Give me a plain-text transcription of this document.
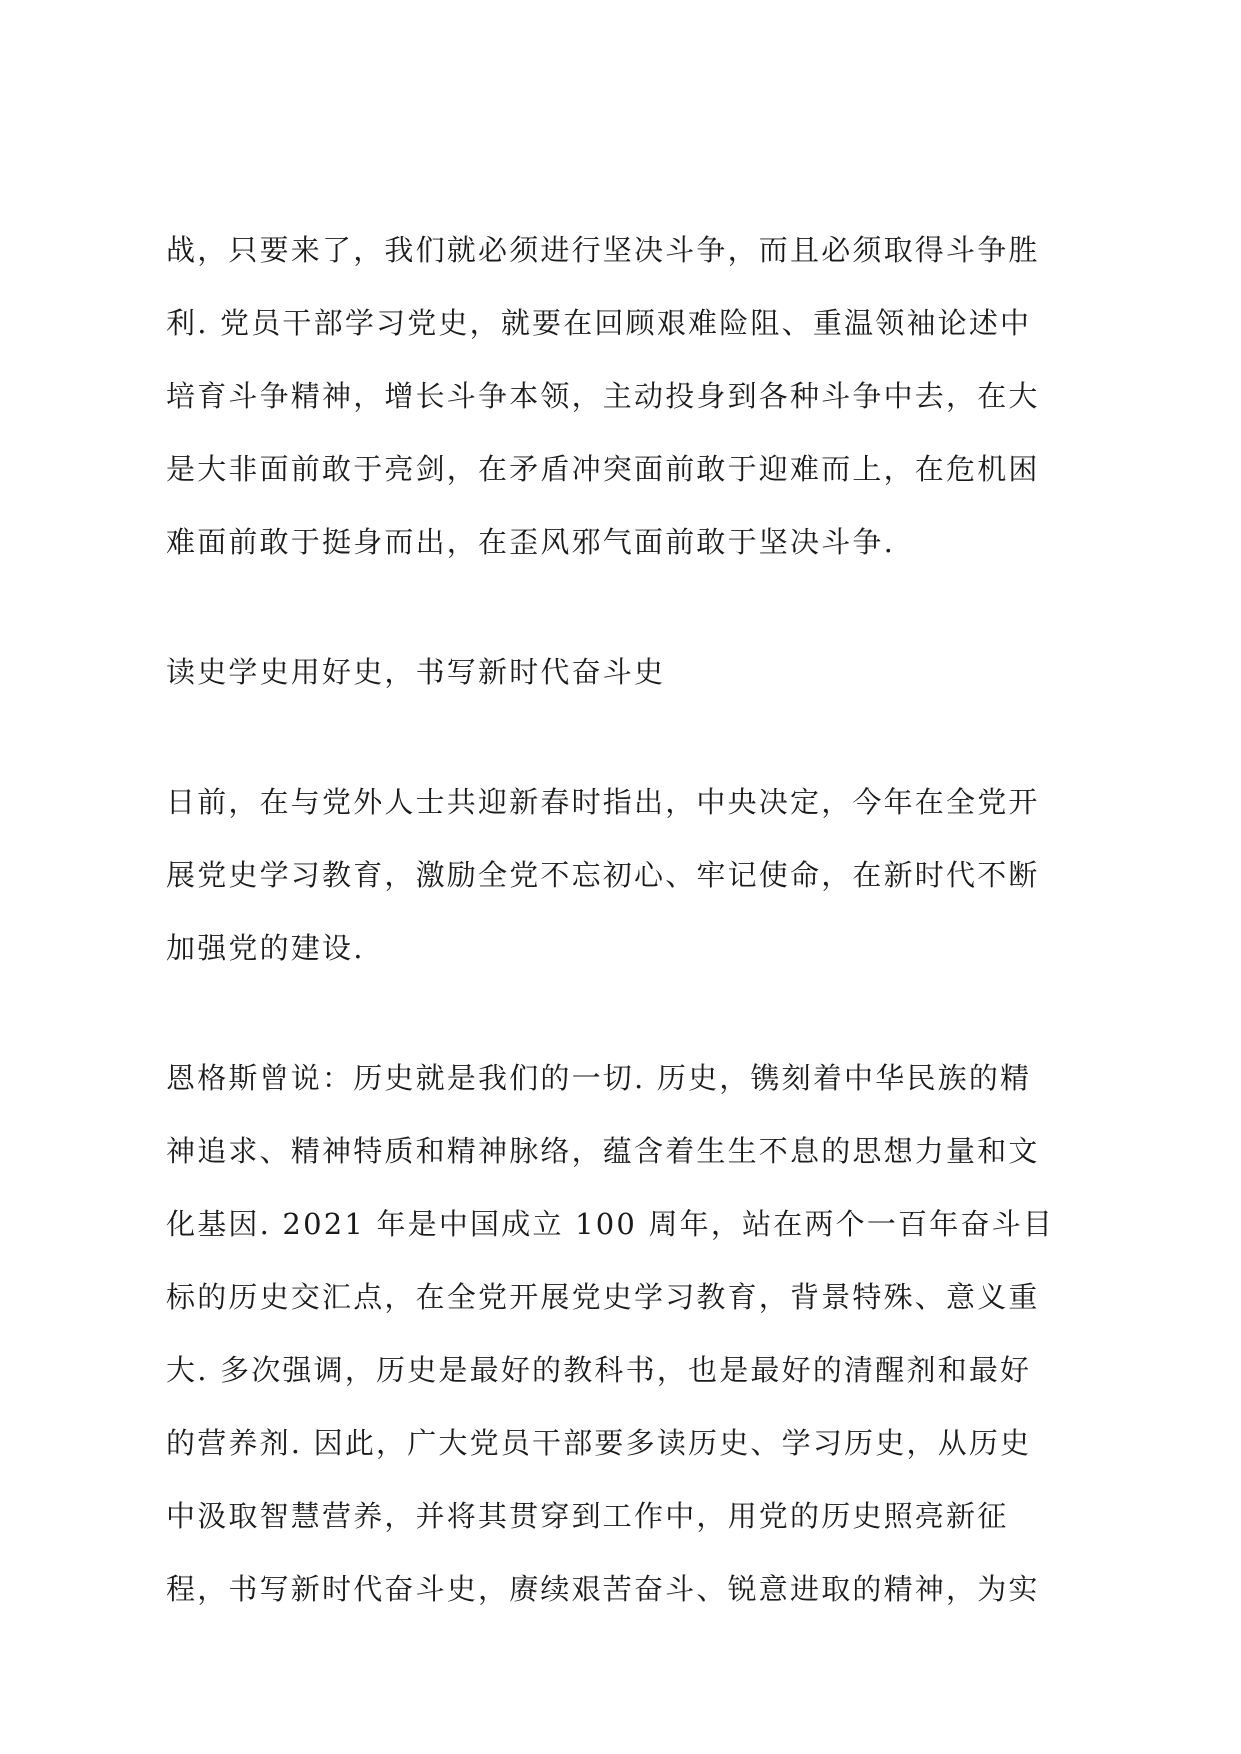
战，只要来了，我们就必须进行坚决斗争，而且必须取得斗争胜
利. 党员干部学习党史，就要在回顾艰难险阻、重温领袖论述中
培育斗争精神，增长斗争本领，主动投身到各种斗争中去，在大
是大非面前敢于亮剑，在矛盾冲突面前敢于迎难而上，在危机困
难面前敢于挺身而出，在歪风邪气面前敢于坚决斗争.
读史学史用好史，书写新时代奋斗史
日前，在与党外人士共迎新春时指出，中央决定，今年在全党开
展党史学习教育，激励全党不忘初心、牢记使命，在新时代不断
加强党的建设.
恩格斯曾说：历史就是我们的一切. 历史，镌刻着中华民族的精
神追求、精神特质和精神脉络，蕴含着生生不息的思想力量和文
化基因. 2021 年是中国成立 100 周年，站在两个一百年奋斗目
标的历史交汇点，在全党开展党史学习教育，背景特殊、意义重
大. 多次强调，历史是最好的教科书，也是最好的清醒剂和最好
的营养剂. 因此，广大党员干部要多读历史、学习历史，从历史
中汲取智慧营养，并将其贯穿到工作中，用党的历史照亮新征
程，书写新时代奋斗史，赓续艰苦奋斗、锐意进取的精神，为实
